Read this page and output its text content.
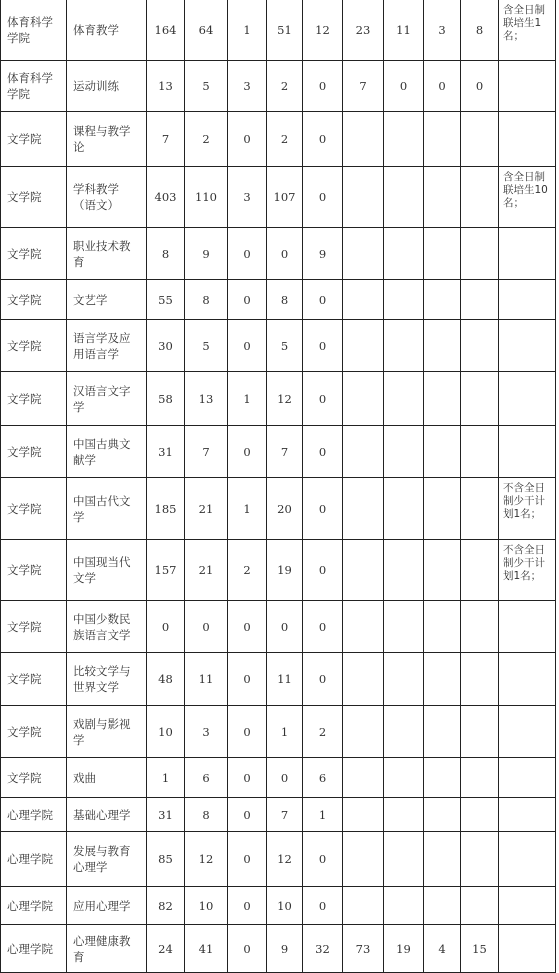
体育科学学院	体育教学	164	64	1	51	12	23	11	3	8	含全日制联培生1名；
体育科学学院	运动训练	13	5	3	2	0	7	0	0	0	
文学院	课程与教学论	7	2	0	2	0					
文学院	学科教学（语文）	403	110	3	107	0					含全日制联培生10名；
文学院	职业技术教育	8	9	0	0	9					
文学院	文艺学	55	8	0	8	0					
文学院	语言学及应用语言学	30	5	0	5	0					
文学院	汉语言文字学	58	13	1	12	0					
文学院	中国古典文献学	31	7	0	7	0					
文学院	中国古代文学	185	21	1	20	0					不含全日制少干计划1名；
文学院	中国现当代文学	157	21	2	19	0					不含全日制少干计划1名；
文学院	中国少数民族语言文学	0	0	0	0	0					
文学院	比较文学与世界文学	48	11	0	11	0					
文学院	戏剧与影视学	10	3	0	1	2					
文学院	戏曲	1	6	0	0	6					
心理学院	基础心理学	31	8	0	7	1					
心理学院	发展与教育心理学	85	12	0	12	0					
心理学院	应用心理学	82	10	0	10	0					
心理学院	心理健康教育	24	41	0	9	32	73	19	4	15	
